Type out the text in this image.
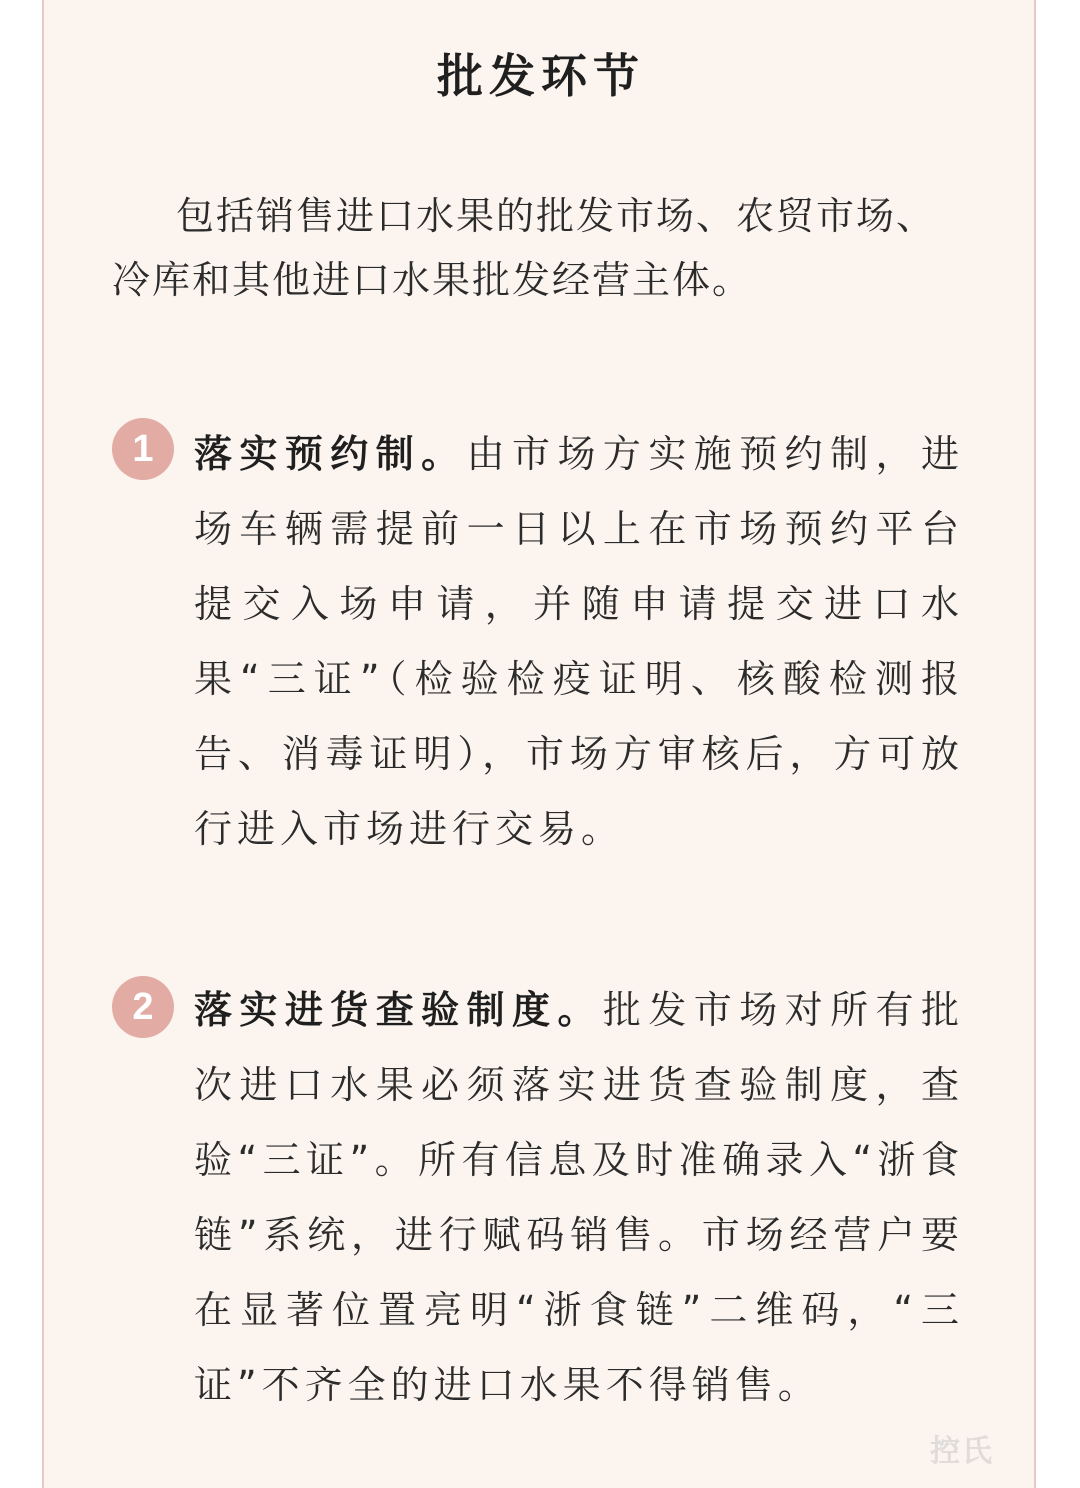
批发环节
包括销售进口水果的批发市场、农贸市场、冷库和其他进口水果批发经营主体。
1	落实预约制。由市场方实施预约制，进场车辆需提前一日以上在市场预约平台提交入场申请，并随申请提交进口水果“三证”（检验检疫证明、核酸检测报告、消毒证明），市场方审核后，方可放行进入市场进行交易。
2	落实进货查验制度。批发市场对所有批次进口水果必须落实进货查验制度，查验“三证”。所有信息及时准确录入“浙食链”系统，进行赋码销售。市场经营户要在显著位置亮明“浙食链”二维码，“三证”不齐全的进口水果不得销售。
控氏
